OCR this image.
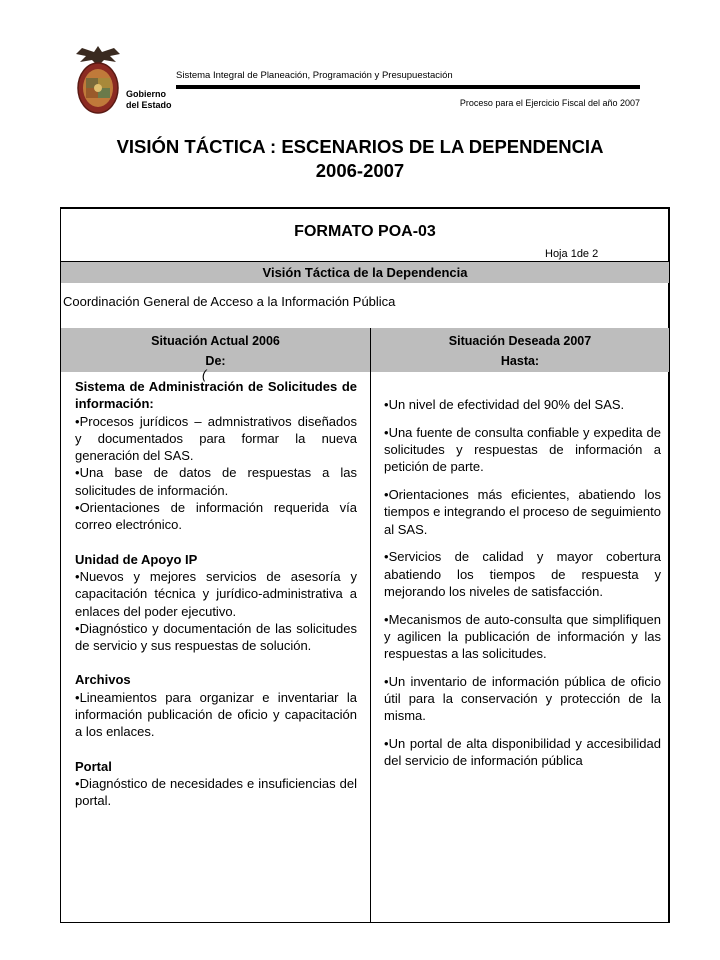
Gobierno
del Estado
Sistema Integral de Planeación, Programación y Presupuestación
Proceso para el Ejercicio Fiscal del año 2007
VISIÓN TÁCTICA : ESCENARIOS DE LA DEPENDENCIA
2006-2007
FORMATO POA-03
Hoja 1de 2
Visión Táctica de la Dependencia
Coordinación General de Acceso a la Información Pública
Situación Actual 2006
De:
Situación Deseada 2007
Hasta:
(
Sistema de Administración de Solicitudes de información:
• Procesos jurídicos – admnistrativos diseñados y documentados para formar la nueva generación del SAS.
• Una base de datos de respuestas a las solicitudes de información.
• Orientaciones de información requerida vía correo electrónico.
Unidad de Apoyo IP
• Nuevos y mejores servicios de asesoría y capacitación técnica y jurídico-administrativa a enlaces del poder ejecutivo.
• Diagnóstico y documentación de las solicitudes de servicio y sus respuestas de solución.
Archivos
• Lineamientos para organizar e inventariar la información publicación de oficio y capacitación a los enlaces.
Portal
• Diagnóstico de necesidades e insuficiencias del portal.
• Un nivel de efectividad del 90% del SAS.
• Una fuente de consulta confiable y expedita de solicitudes y respuestas de información a petición de parte.
• Orientaciones más eficientes, abatiendo los tiempos e integrando el proceso de seguimiento al SAS.
• Servicios de calidad y mayor cobertura abatiendo los tiempos de respuesta y mejorando los niveles de satisfacción.
• Mecanismos de auto-consulta que simplifiquen y agilicen la publicación de información y las respuestas a las solicitudes.
• Un inventario de información pública de oficio útil para la conservación y protección de la misma.
• Un portal de alta disponibilidad y accesibilidad del servicio de información pública
